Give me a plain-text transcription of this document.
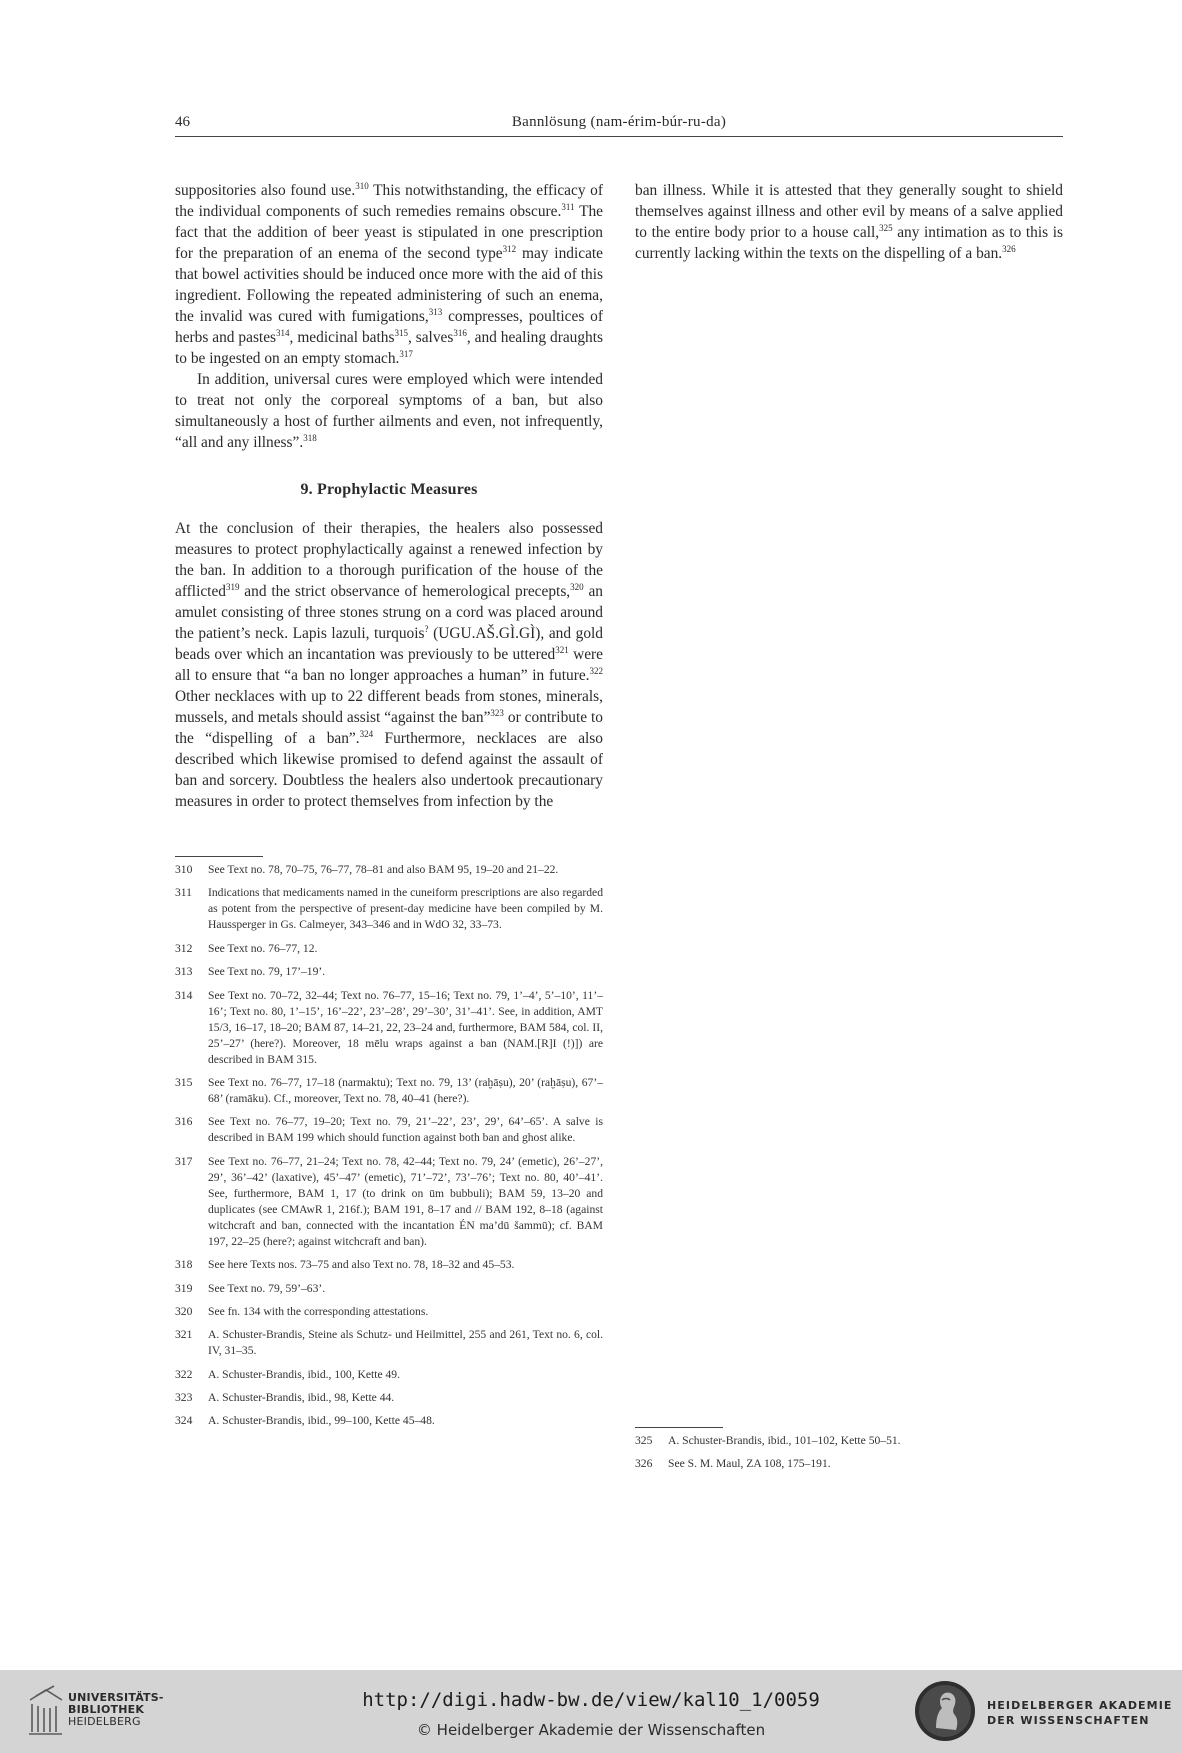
46	Bannlösung (nam-érim-búr-ru-da)

suppositories also found use.$^{310}$ This notwithstanding, the efficacy of the individual components of such remedies remains obscure.$^{311}$ The fact that the addition of beer yeast is stipulated in one prescription for the preparation of an enema of the second type$^{312}$ may indicate that bowel activities should be induced once more with the aid of this ingredient. Following the repeated administering of such an enema, the invalid was cured with fumigations,$^{313}$ compresses, poultices of herbs and pastes$^{314}$, medicinal baths$^{315}$, salves$^{316}$, and healing draughts to be ingested on an empty stomach.$^{317}$

In addition, universal cures were employed which were intended to treat not only the corporeal symptoms of a ban, but also simultaneously a host of further ailments and even, not infrequently, “all and any illness”.$^{318}$

9. Prophylactic Measures

At the conclusion of their therapies, the healers also possessed measures to protect prophylactically against a renewed infection by the ban. In addition to a thorough purification of the house of the afflicted$^{319}$ and the strict observance of hemerological precepts,$^{320}$ an amulet consisting of three stones strung on a cord was placed around the patient’s neck. Lapis lazuli, turquois? (UGU.AŠ.GÌ.GÌ), and gold beads over which an incantation was previously to be uttered$^{321}$ were all to ensure that “a ban no longer approaches a human” in future.$^{322}$ Other necklaces with up to 22 different beads from stones, minerals, mussels, and metals should assist “against the ban”$^{323}$ or contribute to the “dispelling of a ban”.$^{324}$ Furthermore, necklaces are also described which likewise promised to defend against the assault of ban and sorcery. Doubtless the healers also undertook precautionary measures in order to protect themselves from infection by the

ban illness. While it is attested that they generally sought to shield themselves against illness and other evil by means of a salve applied to the entire body prior to a house call,$^{325}$ any intimation as to this is currently lacking within the texts on the dispelling of a ban.$^{326}$

310	See Text no. 78, 70–75, 76–77, 78–81 and also BAM 95, 19–20 and 21–22.
311	Indications that medicaments named in the cuneiform prescriptions are also regarded as potent from the perspective of present-day medicine have been compiled by M. Haussperger in Gs. Calmeyer, 343–346 and in WdO 32, 33–73.
312	See Text no. 76–77, 12.
313	See Text no. 79, 17’–19’.
314	See Text no. 70–72, 32–44; Text no. 76–77, 15–16; Text no. 79, 1’–4’, 5’–10’, 11’–16’; Text no. 80, 1’–15’, 16’–22’, 23’–28’, 29’–30’, 31’–41’. See, in addition, AMT 15/3, 16–17, 18–20; BAM 87, 14–21, 22, 23–24 and, furthermore, BAM 584, col. II, 25’–27’ (here?). Moreover, 18 mēlu wraps against a ban (NAM.[R]I (!)]) are described in BAM 315.
315	See Text no. 76–77, 17–18 (narmaktu); Text no. 79, 13’ (raḫāṣu), 20’ (raḫāṣu), 67’–68’ (ramāku). Cf., moreover, Text no. 78, 40–41 (here?).
316	See Text no. 76–77, 19–20; Text no. 79, 21’–22’, 23’, 29’, 64’–65’. A salve is described in BAM 199 which should function against both ban and ghost alike.
317	See Text no. 76–77, 21–24; Text no. 78, 42–44; Text no. 79, 24’ (emetic), 26’–27’, 29’, 36’–42’ (laxative), 45’–47’ (emetic), 71’–72’, 73’–76’; Text no. 80, 40’–41’. See, furthermore, BAM 1, 17 (to drink on ūm bubbuli); BAM 59, 13–20 and duplicates (see CMAwR 1, 216f.); BAM 191, 8–17 and // BAM 192, 8–18 (against witchcraft and ban, connected with the incantation ÉN ma’dū šammū); cf. BAM 197, 22–25 (here?; against witchcraft and ban).
318	See here Texts nos. 73–75 and also Text no. 78, 18–32 and 45–53.
319	See Text no. 79, 59’–63’.
320	See fn. 134 with the corresponding attestations.
321	A. Schuster-Brandis, Steine als Schutz- und Heilmittel, 255 and 261, Text no. 6, col. IV, 31–35.
322	A. Schuster-Brandis, ibid., 100, Kette 49.
323	A. Schuster-Brandis, ibid., 98, Kette 44.
324	A. Schuster-Brandis, ibid., 99–100, Kette 45–48.
325	A. Schuster-Brandis, ibid., 101–102, Kette 50–51.
326	See S. M. Maul, ZA 108, 175–191.
UNIVERSITÄTS-
BIBLIOTHEK
HEIDELBERG
http://digi.hadw-bw.de/view/kal10_1/0059
© Heidelberger Akademie der Wissenschaften
HEIDELBERGER AKADEMIE
DER WISSENSCHAFTEN
